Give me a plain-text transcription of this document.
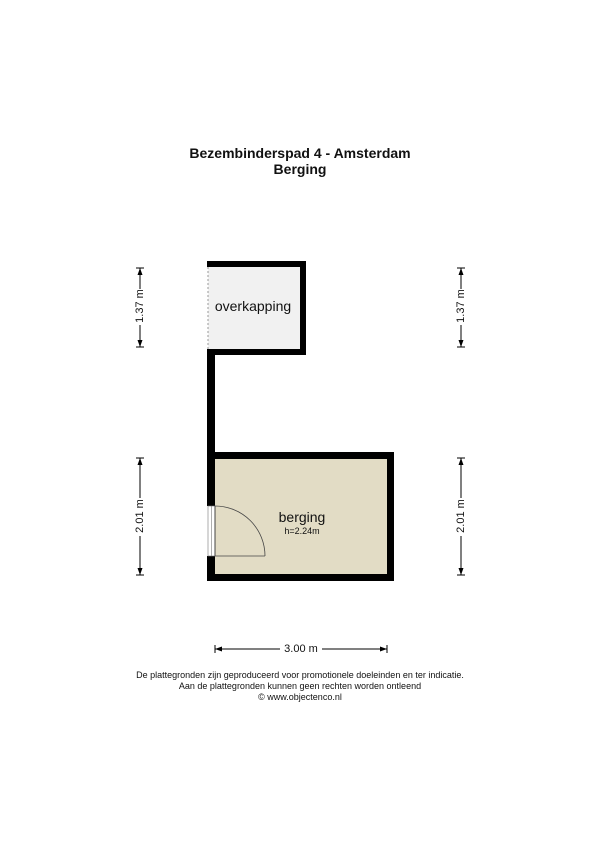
Bezembinderspad 4 - Amsterdam
Berging
overkapping
berging
h=2.24m
1.37 m	1.37 m
2.01 m	2.01 m
3.00 m
De plattegronden zijn geproduceerd voor promotionele doeleinden en ter indicatie.
Aan de plattegronden kunnen geen rechten worden ontleend
© www.objectenco.nl
